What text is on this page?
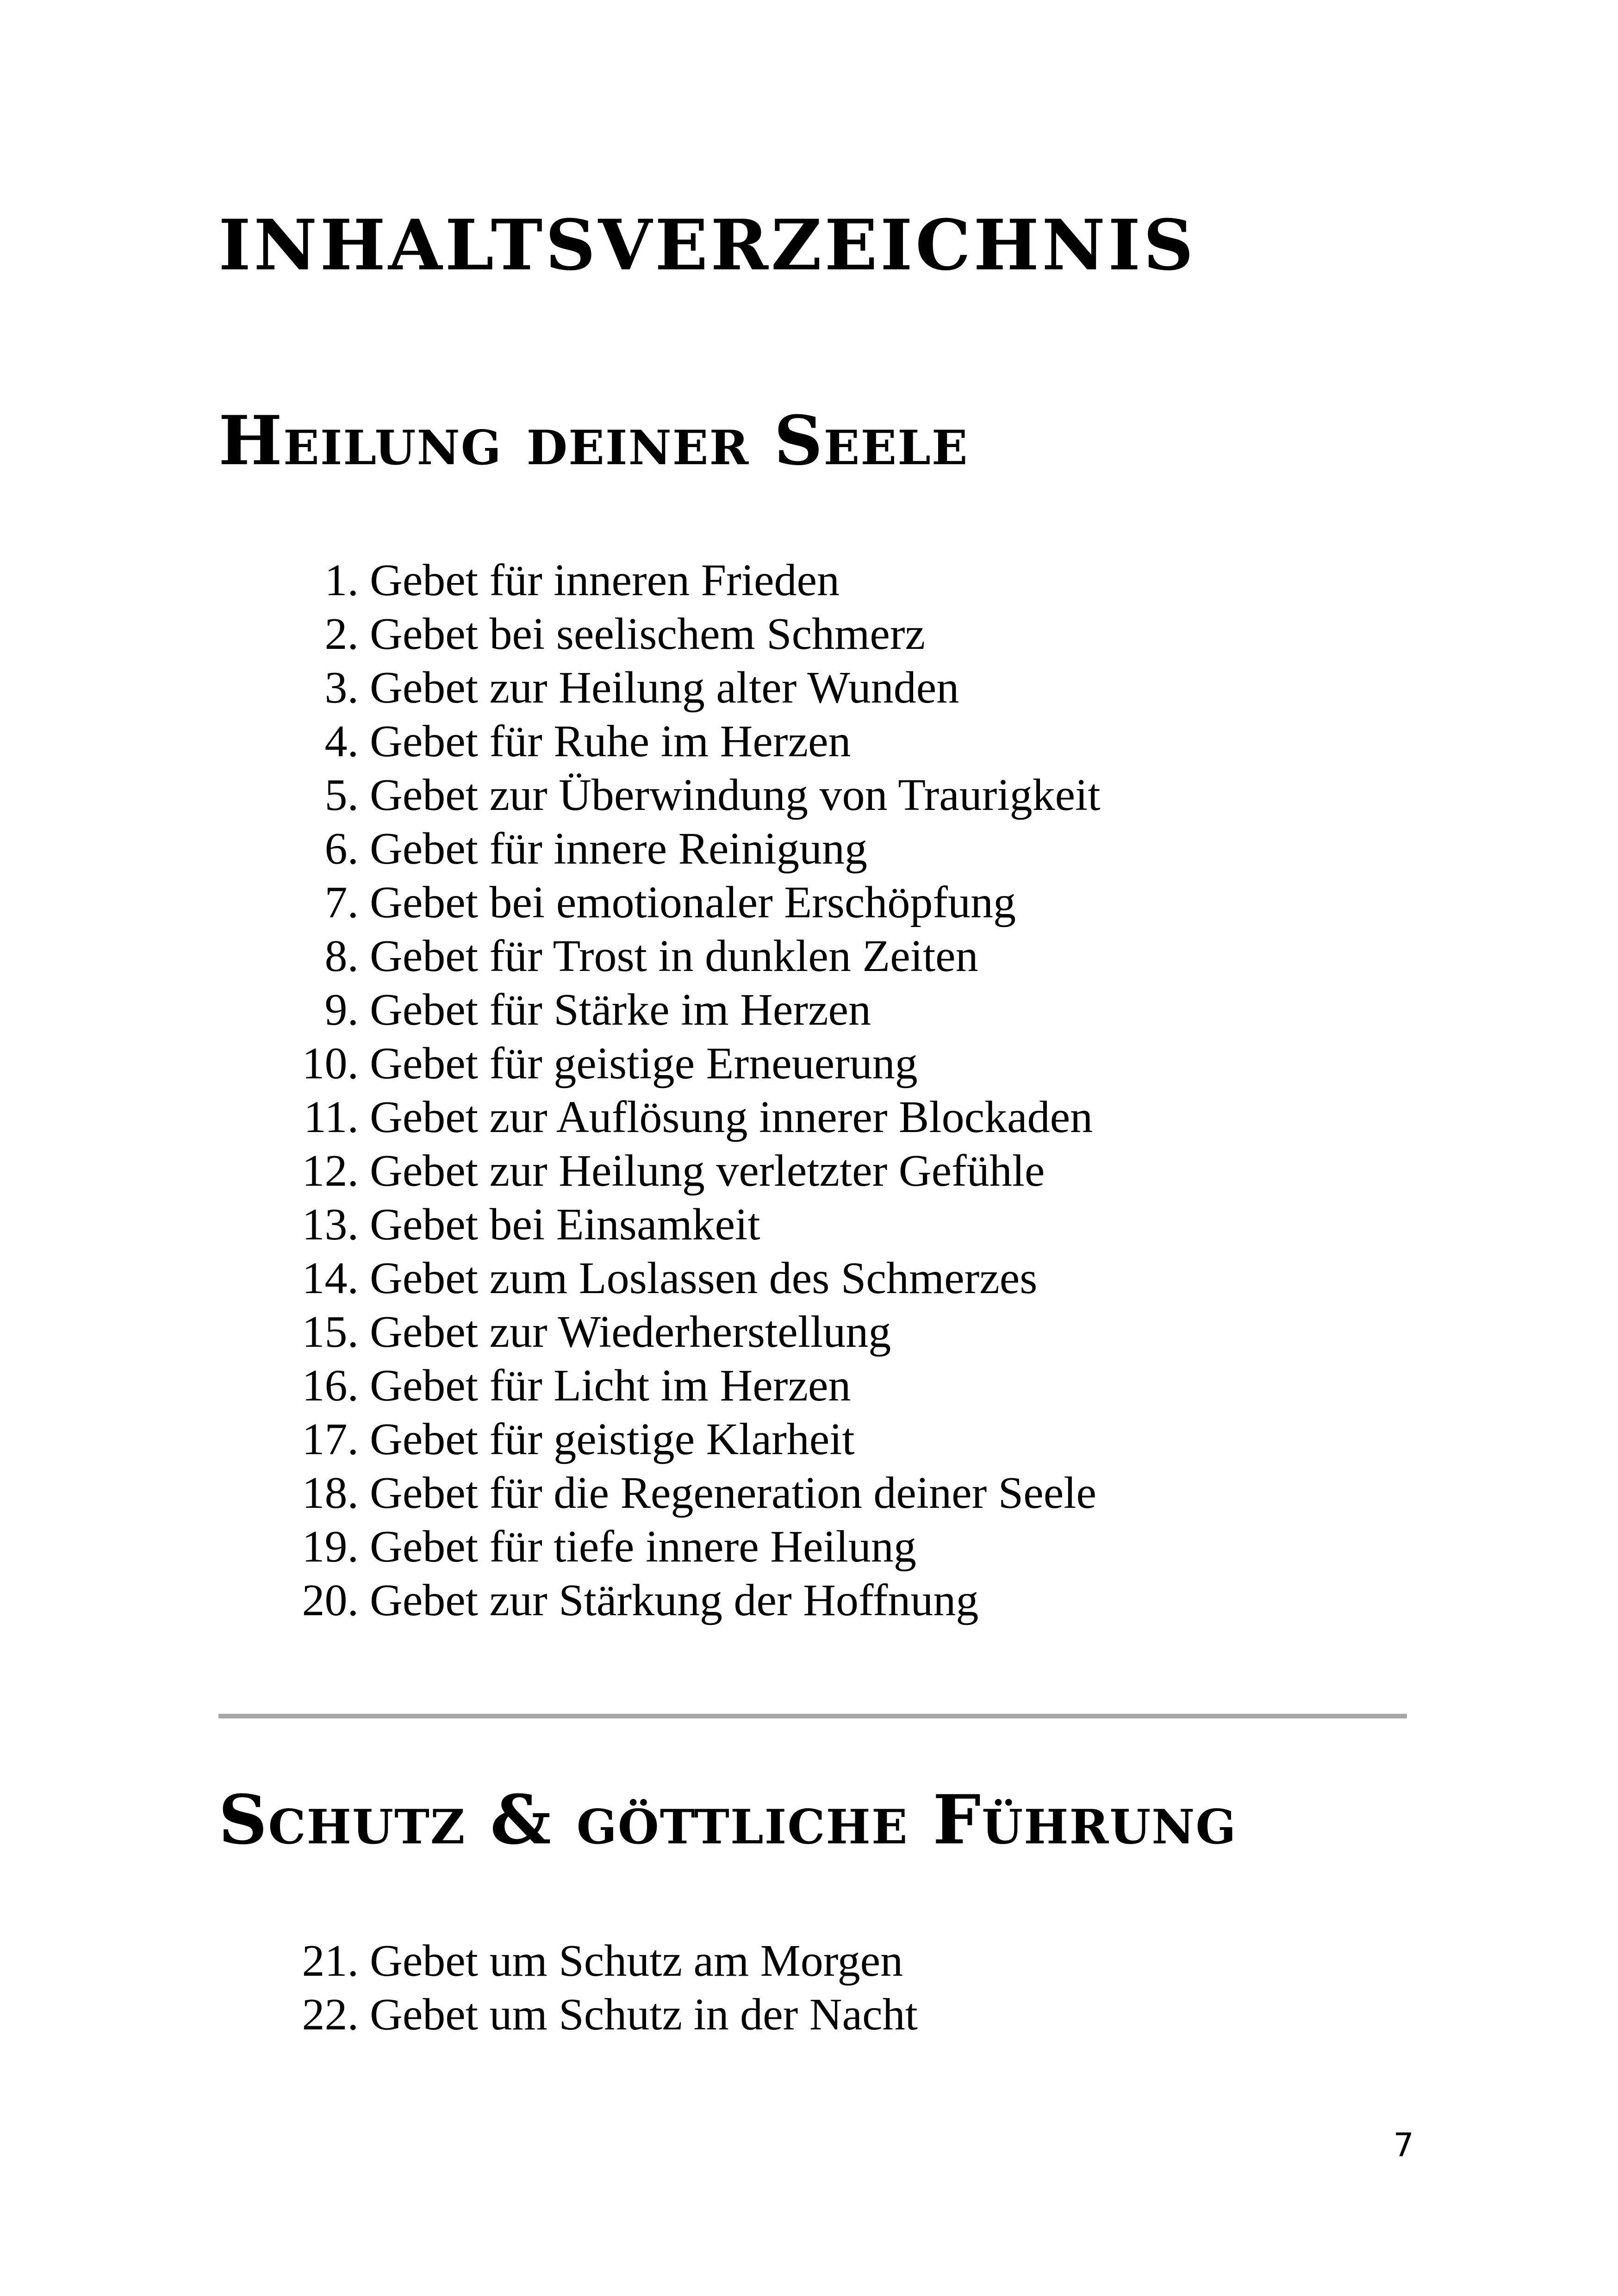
INHALTSVERZEICHNIS
Heilung deiner Seele
1. Gebet für inneren Frieden
2. Gebet bei seelischem Schmerz
3. Gebet zur Heilung alter Wunden
4. Gebet für Ruhe im Herzen
5. Gebet zur Überwindung von Traurigkeit
6. Gebet für innere Reinigung
7. Gebet bei emotionaler Erschöpfung
8. Gebet für Trost in dunklen Zeiten
9. Gebet für Stärke im Herzen
10. Gebet für geistige Erneuerung
11. Gebet zur Auflösung innerer Blockaden
12. Gebet zur Heilung verletzter Gefühle
13. Gebet bei Einsamkeit
14. Gebet zum Loslassen des Schmerzes
15. Gebet zur Wiederherstellung
16. Gebet für Licht im Herzen
17. Gebet für geistige Klarheit
18. Gebet für die Regeneration deiner Seele
19. Gebet für tiefe innere Heilung
20. Gebet zur Stärkung der Hoffnung
Schutz & göttliche Führung
21. Gebet um Schutz am Morgen
22. Gebet um Schutz in der Nacht
7
